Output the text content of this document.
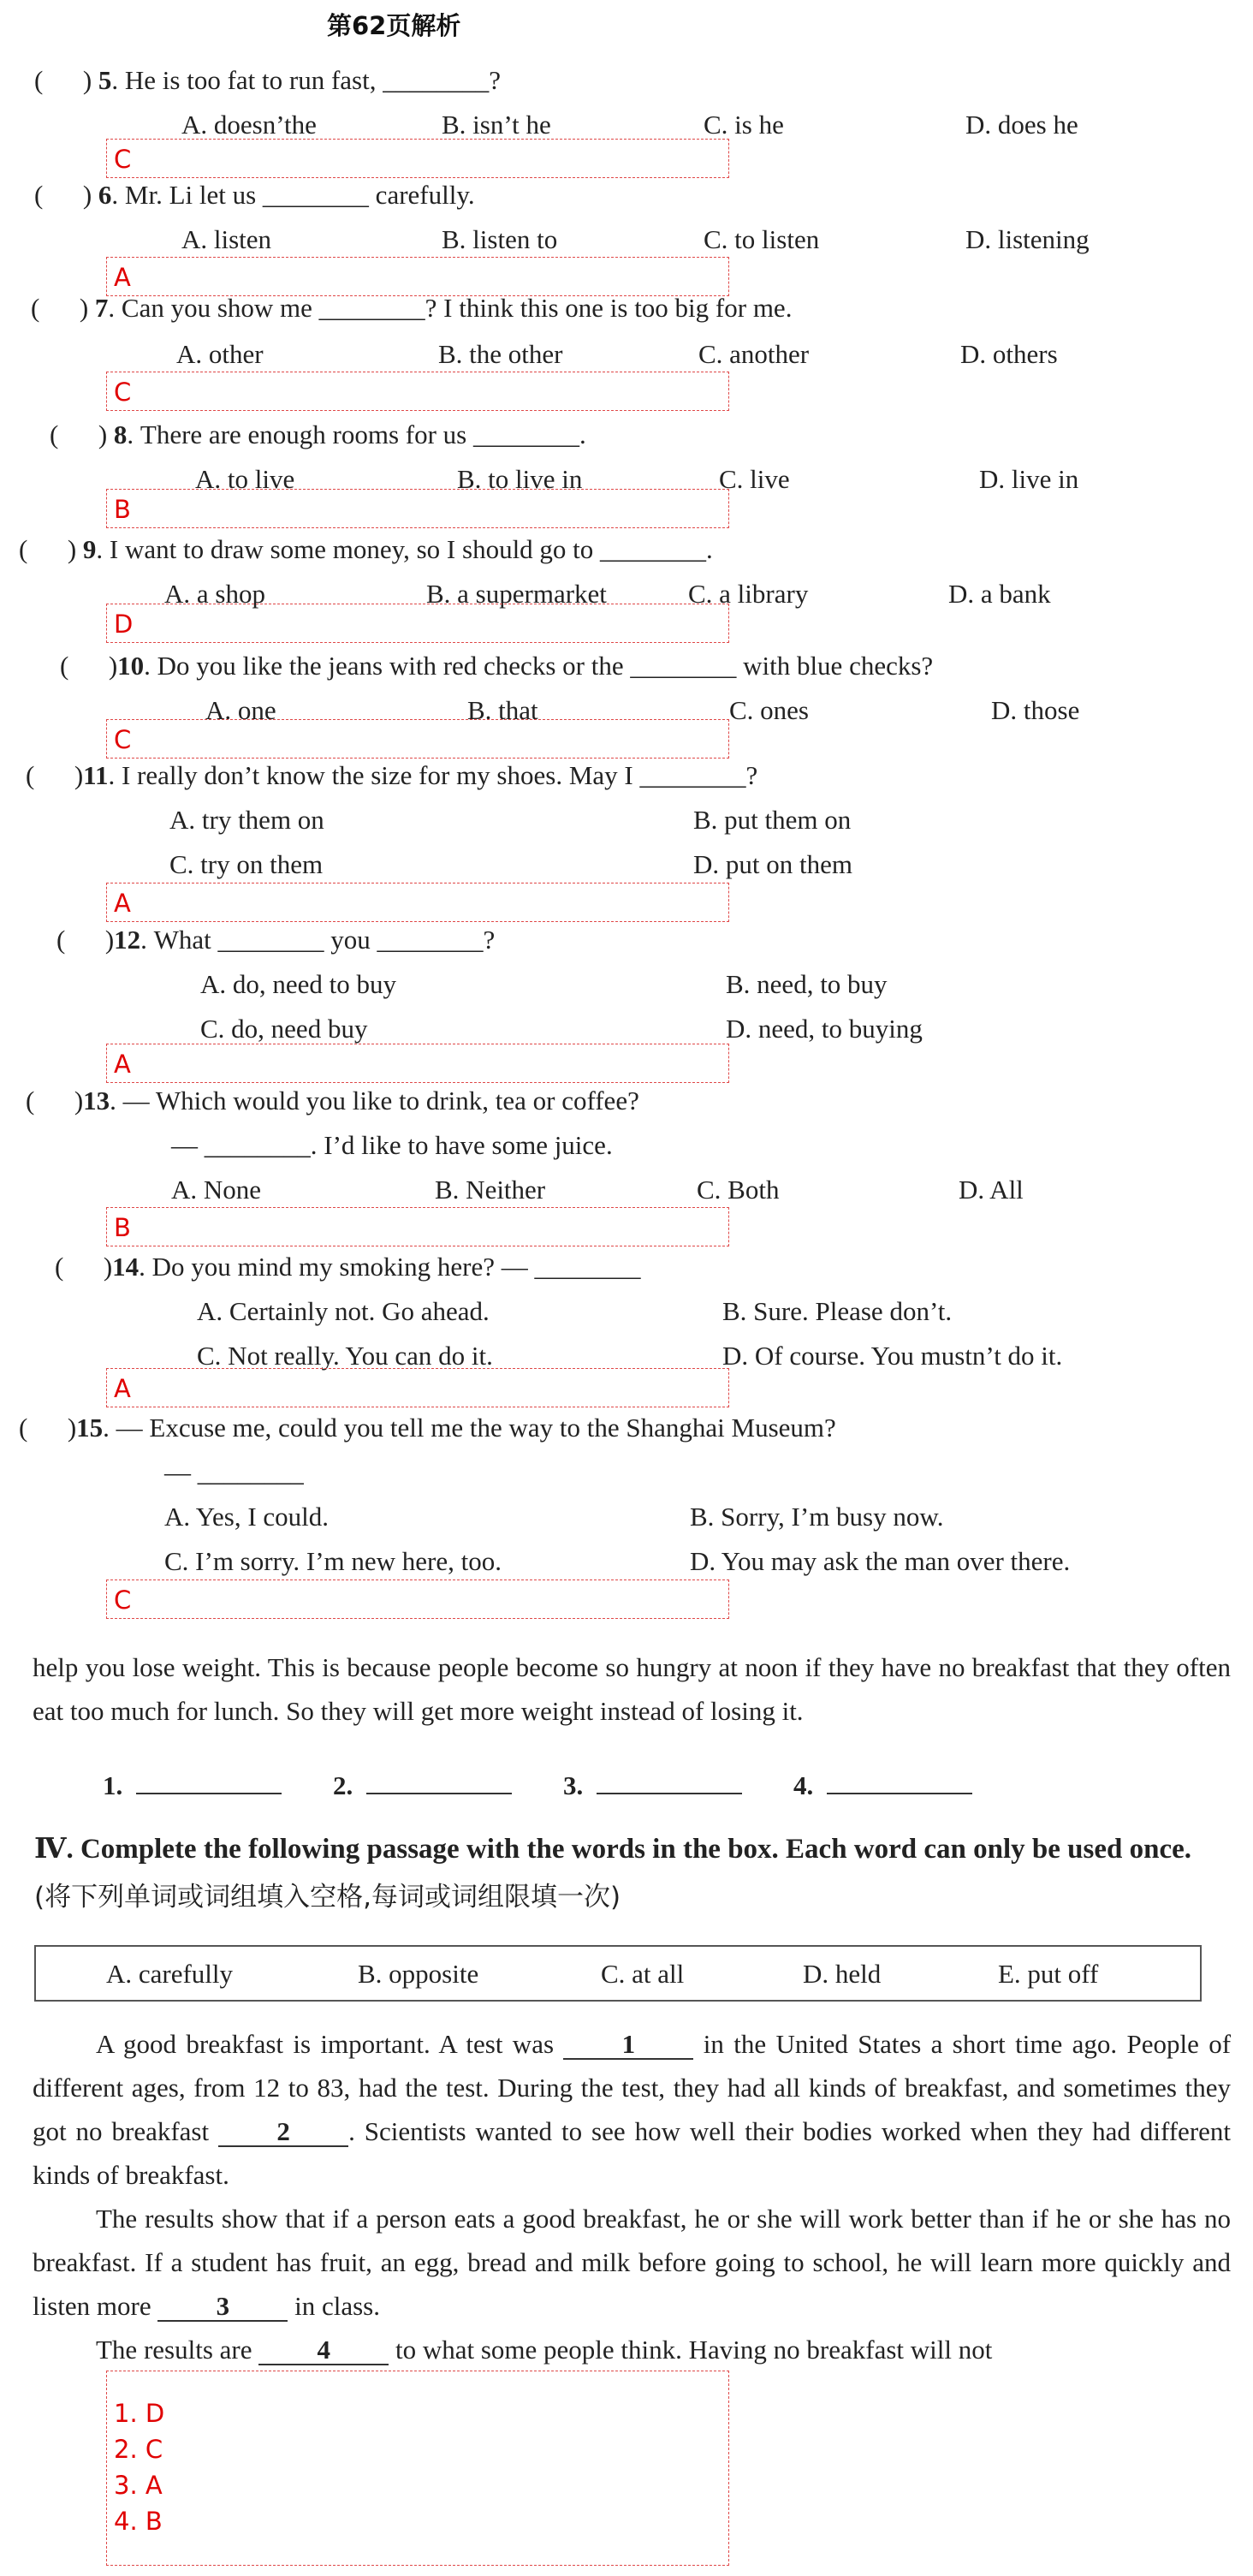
第62页解析
(      ) 5. He is too fat to run fast, ________?
A. doesn’the	B. isn’t he	C. is he	D. does he
C
(      ) 6. Mr. Li let us ________ carefully.
A. listen	B. listen to	C. to listen	D. listening
A
(      ) 7. Can you show me ________? I think this one is too big for me.
A. other	B. the other	C. another	D. others
C
(      ) 8. There are enough rooms for us ________.
A. to live	B. to live in	C. live	D. live in
B
(      ) 9. I want to draw some money, so I should go to ________.
A. a shop	B. a supermarket	C. a library	D. a bank
D
(      )10. Do you like the jeans with red checks or the ________ with blue checks?
A. one	B. that	C. ones	D. those
C
(      )11. I really don’t know the size for my shoes. May I ________?
A. try them on	B. put them on
C. try on them	D. put on them
A
(      )12. What ________ you ________?
A. do, need to buy	B. need, to buy
C. do, need buy	D. need, to buying
A
(      )13. — Which would you like to drink, tea or coffee?
— ________. I’d like to have some juice.
A. None	B. Neither	C. Both	D. All
B
(      )14. Do you mind my smoking here? — ________
A. Certainly not. Go ahead.	B. Sure. Please don’t.
C. Not really. You can do it.	D. Of course. You mustn’t do it.
A
(      )15. — Excuse me, could you tell me the way to the Shanghai Museum?
— ________
A. Yes, I could.	B. Sorry, I’m busy now.
C. I’m sorry. I’m new here, too.	D. You may ask the man over there.
C

help you lose weight. This is because people become so hungry at noon if they have no breakfast that they often eat too much for lunch. So they will get more weight instead of losing it.

1.	2.	3.	4.
Ⅳ. Complete the following passage with the words in the box. Each word can only be used once. (将下列单词或词组填入空格,每词或词组限填一次)
A. carefully	B. opposite	C. at all	D. held	E. put off

A good breakfast is important. A test was	1	in the United States a short time ago. People of different ages, from 12 to 83, had the test. During the test, they had all kinds of breakfast, and sometimes they got no breakfast	2 . Scientists wanted to see how well their bodies worked when they had different kinds of breakfast.

The results show that if a person eats a good breakfast, he or she will work better than if he or she has no breakfast. If a student has fruit, an egg, bread and milk before going to school, he will learn more quickly and listen more 3 in class.

The results are 4 to what some people think. Having no breakfast will not

1. D
2. C
3. A
4. B
